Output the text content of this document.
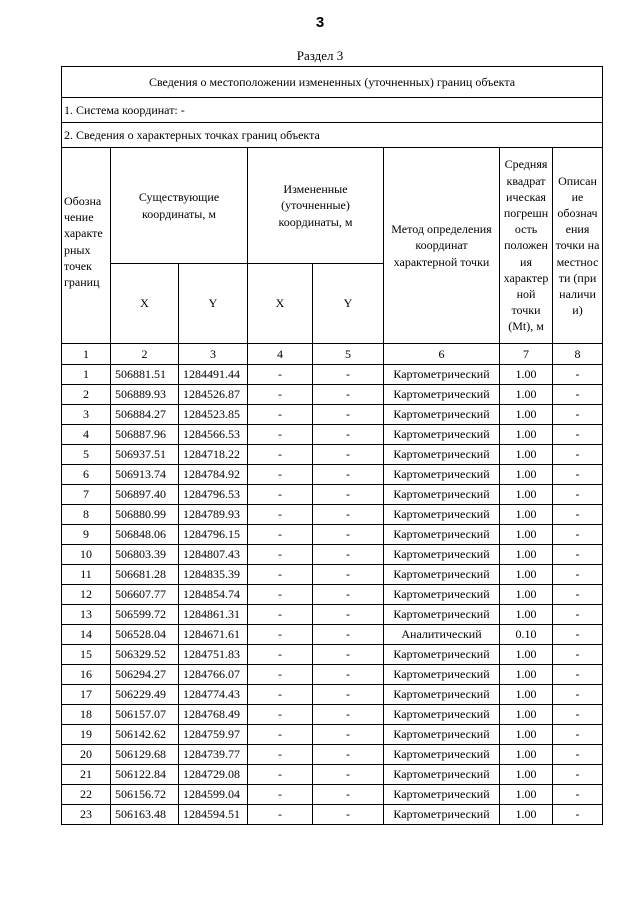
3
Раздел 3
Сведения о местоположении измененных (уточненных) границ объекта							
1. Система координат: -							
2. Сведения о характерных точках границ объекта							
Обозна чение характе рных точек границ	Существующие координаты, м		Измененные (уточненные) координаты, м		Метод определения координат характерной точки	Средняя квадрат ическая погрешн ость положен ия характер ной точки (Mt), м	Описан ие обознач ения точки на местнос ти (при наличи и)
	X	Y	X	Y			
1	2	3	4	5	6	7	8
1	506881.51	1284491.44	-	-	Картометрический	1.00	-
2	506889.93	1284526.87	-	-	Картометрический	1.00	-
3	506884.27	1284523.85	-	-	Картометрический	1.00	-
4	506887.96	1284566.53	-	-	Картометрический	1.00	-
5	506937.51	1284718.22	-	-	Картометрический	1.00	-
6	506913.74	1284784.92	-	-	Картометрический	1.00	-
7	506897.40	1284796.53	-	-	Картометрический	1.00	-
8	506880.99	1284789.93	-	-	Картометрический	1.00	-
9	506848.06	1284796.15	-	-	Картометрический	1.00	-
10	506803.39	1284807.43	-	-	Картометрический	1.00	-
11	506681.28	1284835.39	-	-	Картометрический	1.00	-
12	506607.77	1284854.74	-	-	Картометрический	1.00	-
13	506599.72	1284861.31	-	-	Картометрический	1.00	-
14	506528.04	1284671.61	-	-	Аналитический	0.10	-
15	506329.52	1284751.83	-	-	Картометрический	1.00	-
16	506294.27	1284766.07	-	-	Картометрический	1.00	-
17	506229.49	1284774.43	-	-	Картометрический	1.00	-
18	506157.07	1284768.49	-	-	Картометрический	1.00	-
19	506142.62	1284759.97	-	-	Картометрический	1.00	-
20	506129.68	1284739.77	-	-	Картометрический	1.00	-
21	506122.84	1284729.08	-	-	Картометрический	1.00	-
22	506156.72	1284599.04	-	-	Картометрический	1.00	-
23	506163.48	1284594.51	-	-	Картометрический	1.00	-
